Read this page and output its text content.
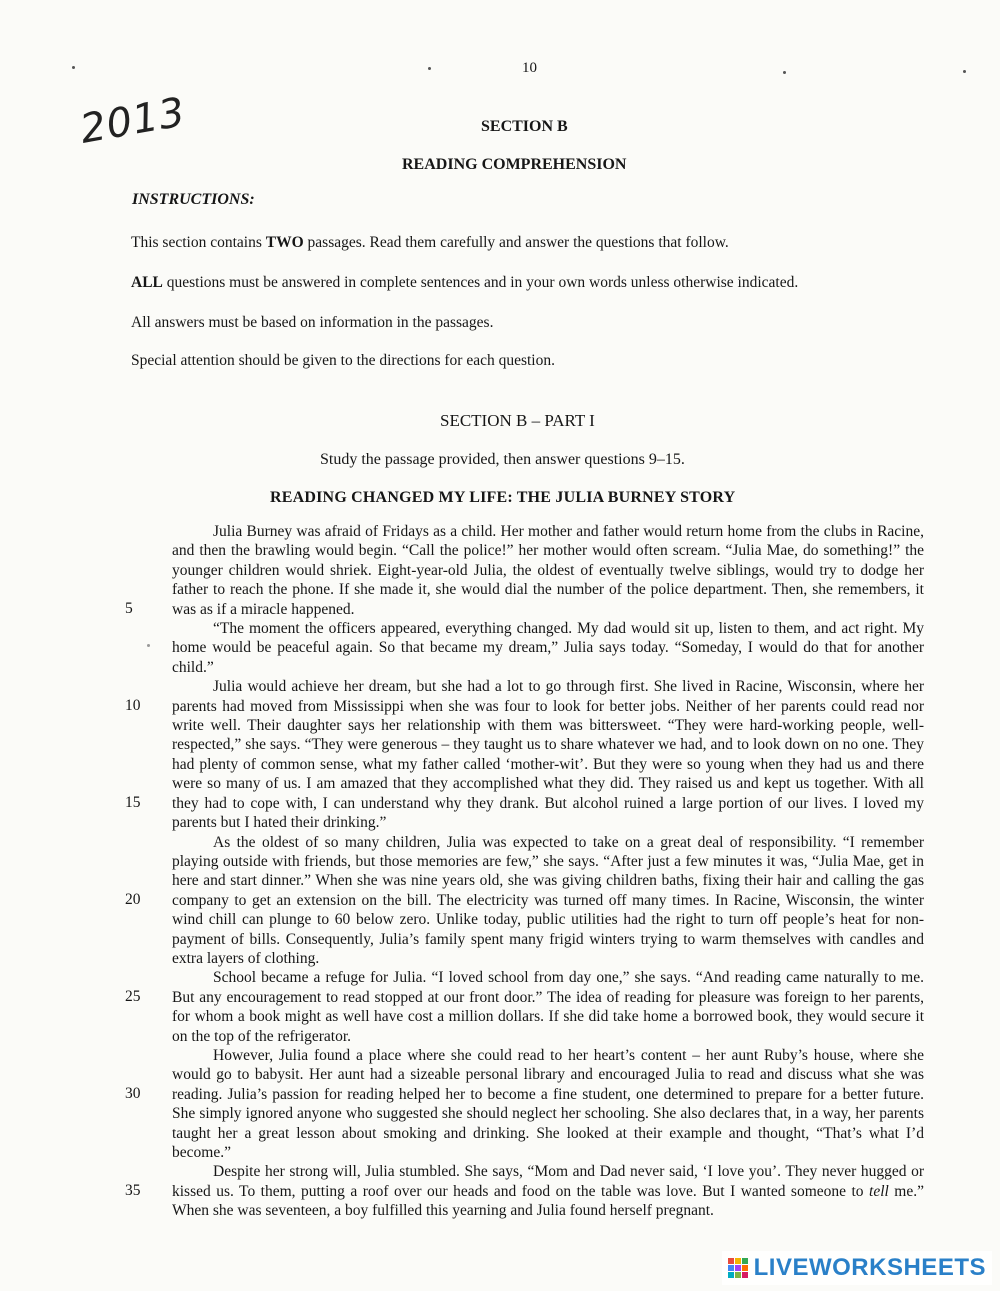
10
2013	SECTION B
READING COMPREHENSION
INSTRUCTIONS:
This section contains TWO passages. Read them carefully and answer the questions that follow.
ALL questions must be answered in complete sentences and in your own words unless otherwise indicated.
All answers must be based on information in the passages.
Special attention should be given to the directions for each question.
SECTION B – PART I
Study the passage provided, then answer questions 9–15.
READING CHANGED MY LIFE: THE JULIA BURNEY STORY
5
10
15
20
25
30
35

Julia Burney was afraid of Fridays as a child. Her mother and father would return home from the clubs in Racine, and then the brawling would begin. “Call the police!” her mother would often scream. “Julia Mae, do something!” the younger children would shriek. Eight-year-old Julia, the oldest of eventually twelve siblings, would try to dodge her father to reach the phone. If she made it, she would dial the number of the police department. Then, she remembers, it was as if a miracle happened.

“The moment the officers appeared, everything changed. My dad would sit up, listen to them, and act right. My home would be peaceful again. So that became my dream,” Julia says today. “Someday, I would do that for another child.”

Julia would achieve her dream, but she had a lot to go through first. She lived in Racine, Wisconsin, where her parents had moved from Mississippi when she was four to look for better jobs. Neither of her parents could read nor write well. Their daughter says her relationship with them was bittersweet. “They were hard-working people, well-respected,” she says. “They were generous – they taught us to share whatever we had, and to look down on no one. They had plenty of common sense, what my father called ‘mother-wit’. But they were so young when they had us and there were so many of us. I am amazed that they accomplished what they did. They raised us and kept us together. With all they had to cope with, I can understand why they drank. But alcohol ruined a large portion of our lives. I loved my parents but I hated their drinking.”

As the oldest of so many children, Julia was expected to take on a great deal of responsibility. “I remember playing outside with friends, but those memories are few,” she says. “After just a few minutes it was, “Julia Mae, get in here and start dinner.” When she was nine years old, she was giving children baths, fixing their hair and calling the gas company to get an extension on the bill. The electricity was turned off many times. In Racine, Wisconsin, the winter wind chill can plunge to 60 below zero. Unlike today, public utilities had the right to turn off people’s heat for non-payment of bills. Consequently, Julia’s family spent many frigid winters trying to warm themselves with candles and extra layers of clothing.

School became a refuge for Julia. “I loved school from day one,” she says. “And reading came naturally to me. But any encouragement to read stopped at our front door.” The idea of reading for pleasure was foreign to her parents, for whom a book might as well have cost a million dollars. If she did take home a borrowed book, they would secure it on the top of the refrigerator.

However, Julia found a place where she could read to her heart’s content – her aunt Ruby’s house, where she would go to babysit. Her aunt had a sizeable personal library and encouraged Julia to read and discuss what she was reading. Julia’s passion for reading helped her to become a fine student, one determined to prepare for a better future. She simply ignored anyone who suggested she should neglect her schooling. She also declares that, in a way, her parents taught her a great lesson about smoking and drinking. She looked at their example and thought, “That’s what I’d become.”

Despite her strong will, Julia stumbled. She says, “Mom and Dad never said, ‘I love you’. They never hugged or kissed us. To them, putting a roof over our heads and food on the table was love. But I wanted someone to tell me.” When she was seventeen, a boy fulfilled this yearning and Julia found herself pregnant.

LIVEWORKSHEETS
